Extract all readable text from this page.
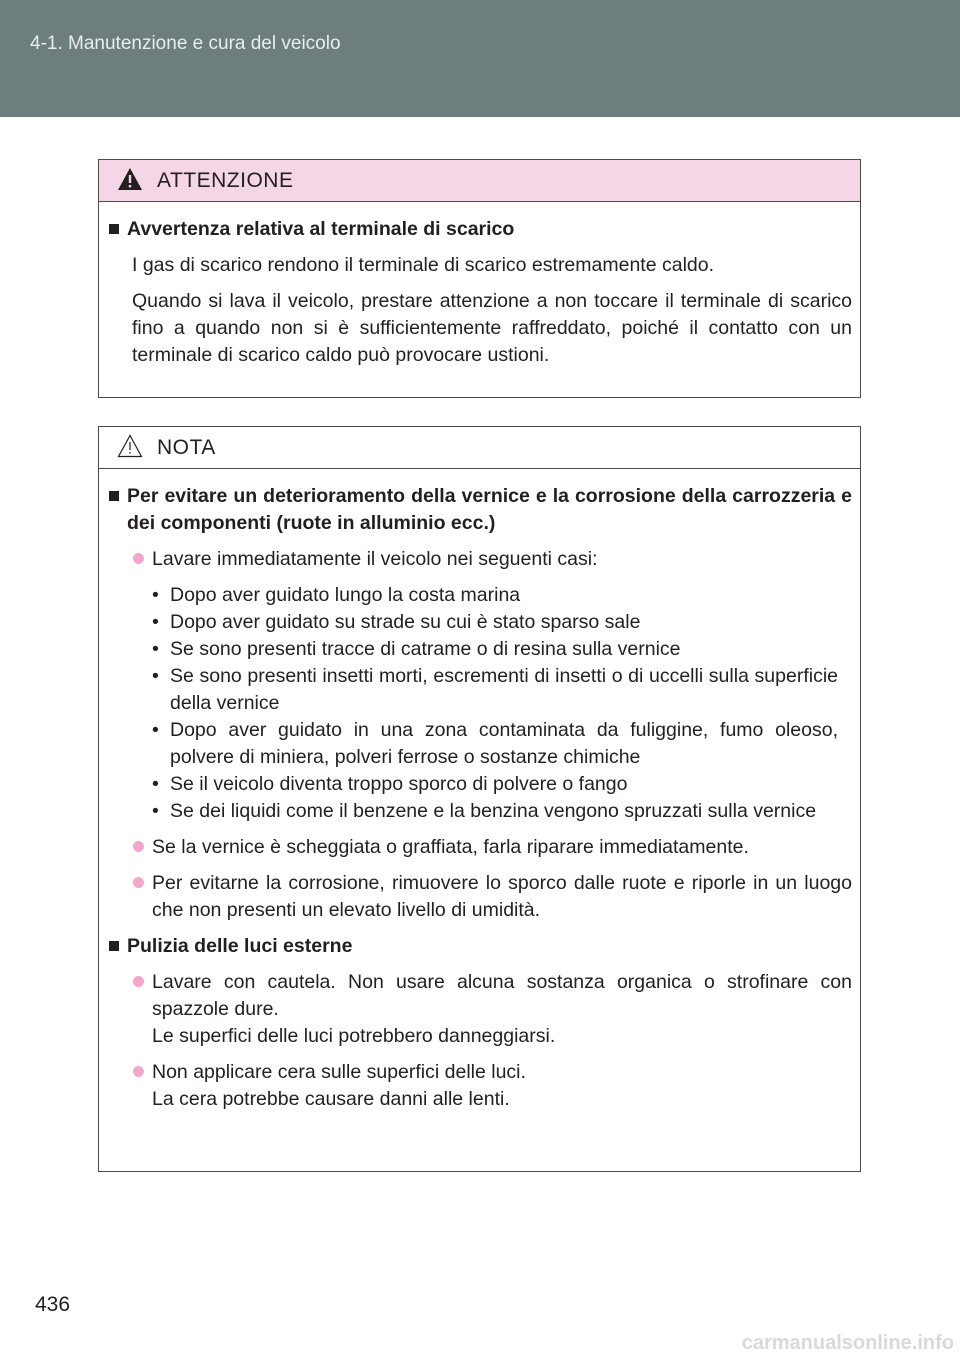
4-1. Manutenzione e cura del veicolo
ATTENZIONE
Avvertenza relativa al terminale di scarico
I gas di scarico rendono il terminale di scarico estremamente caldo.
Quando si lava il veicolo, prestare attenzione a non toccare il terminale di scarico fino a quando non si è sufficientemente raffreddato, poiché il contatto con un terminale di scarico caldo può provocare ustioni.
NOTA
Per evitare un deterioramento della vernice e la corrosione della carrozzeria e dei componenti (ruote in alluminio ecc.)
Lavare immediatamente il veicolo nei seguenti casi:
• Dopo aver guidato lungo la costa marina
• Dopo aver guidato su strade su cui è stato sparso sale
• Se sono presenti tracce di catrame o di resina sulla vernice
• Se sono presenti insetti morti, escrementi di insetti o di uccelli sulla superficie della vernice
• Dopo aver guidato in una zona contaminata da fuliggine, fumo oleoso, polvere di miniera, polveri ferrose o sostanze chimiche
• Se il veicolo diventa troppo sporco di polvere o fango
• Se dei liquidi come il benzene e la benzina vengono spruzzati sulla vernice
Se la vernice è scheggiata o graffiata, farla riparare immediatamente.
Per evitarne la corrosione, rimuovere lo sporco dalle ruote e riporle in un luogo che non presenti un elevato livello di umidità.
Pulizia delle luci esterne
Lavare con cautela. Non usare alcuna sostanza organica o strofinare con spazzole dure.
Le superfici delle luci potrebbero danneggiarsi.
Non applicare cera sulle superfici delle luci.
La cera potrebbe causare danni alle lenti.
436
carmanualsonline.info
